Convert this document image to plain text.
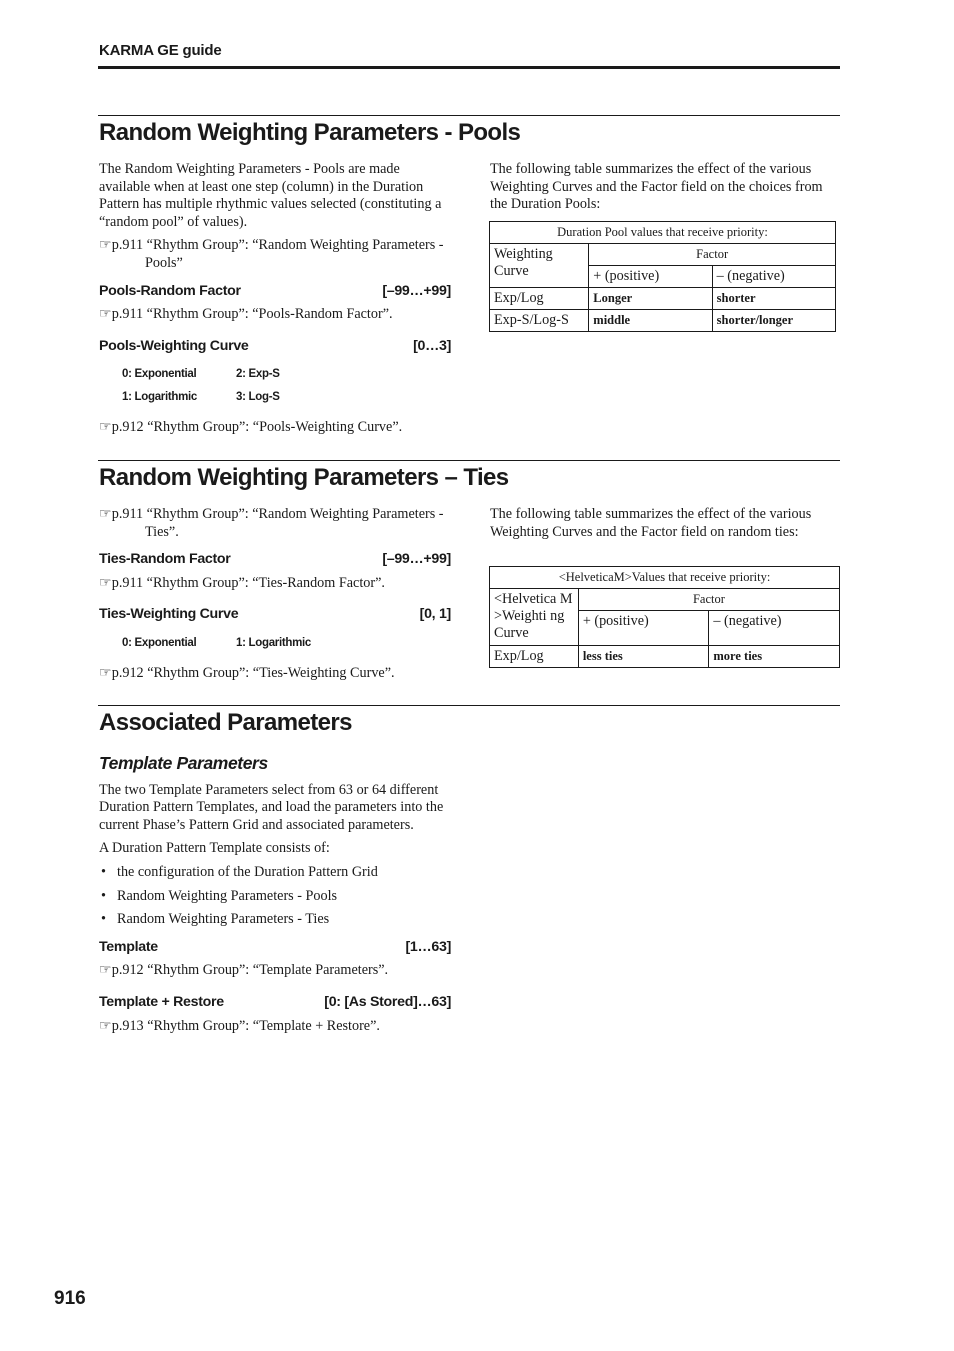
KARMA GE guide
Random Weighting Parameters - Pools

The Random Weighting Parameters - Pools are made available when at least one step (column) in the Duration Pattern has multiple rhythmic values selected (constituting a “random pool” of values).

☞p.911 “Rhythm Group”: “Random Weighting Parameters - Pools”

Pools-Random Factor	[–99…+99]

☞p.911 “Rhythm Group”: “Pools-Random Factor”.

Pools-Weighting Curve	[0…3]
0: Exponential	2: Exp-S
1: Logarithmic	3: Log-S

☞p.912 “Rhythm Group”: “Pools-Weighting Curve”.

The following table summarizes the effect of the various Weighting Curves and the Factor field on the choices from the Duration Pools:

Duration Pool values that receive priority:		
Weighting Curve	Factor	
	+ (positive)	– (negative)
Exp/Log	Longer	shorter
Exp-S/Log-S	middle	shorter/longer
Random Weighting Parameters – Ties

☞p.911 “Rhythm Group”: “Random Weighting Parameters - Ties”.

Ties-Random Factor	[–99…+99]

☞p.911 “Rhythm Group”: “Ties-Random Factor”.

Ties-Weighting Curve	[0, 1]
0: Exponential	1: Logarithmic

☞p.912 “Rhythm Group”: “Ties-Weighting Curve”.

The following table summarizes the effect of the various Weighting Curves and the Factor field on random ties:

<HelveticaM>Values that receive priority:		
<Helvetica M>Weighti ng Curve	Factor	
	+ (positive)	– (negative)
Exp/Log	less ties	more ties
Associated Parameters
Template Parameters

The two Template Parameters select from 63 or 64 different Duration Pattern Templates, and load the parameters into the current Phase’s Pattern Grid and associated parameters.

A Duration Pattern Template consists of:

• the configuration of the Duration Pattern Grid
• Random Weighting Parameters - Pools
• Random Weighting Parameters - Ties
Template	[1…63]

☞p.912 “Rhythm Group”: “Template Parameters”.

Template + Restore	[0: [As Stored]…63]

☞p.913 “Rhythm Group”: “Template + Restore”.

916
